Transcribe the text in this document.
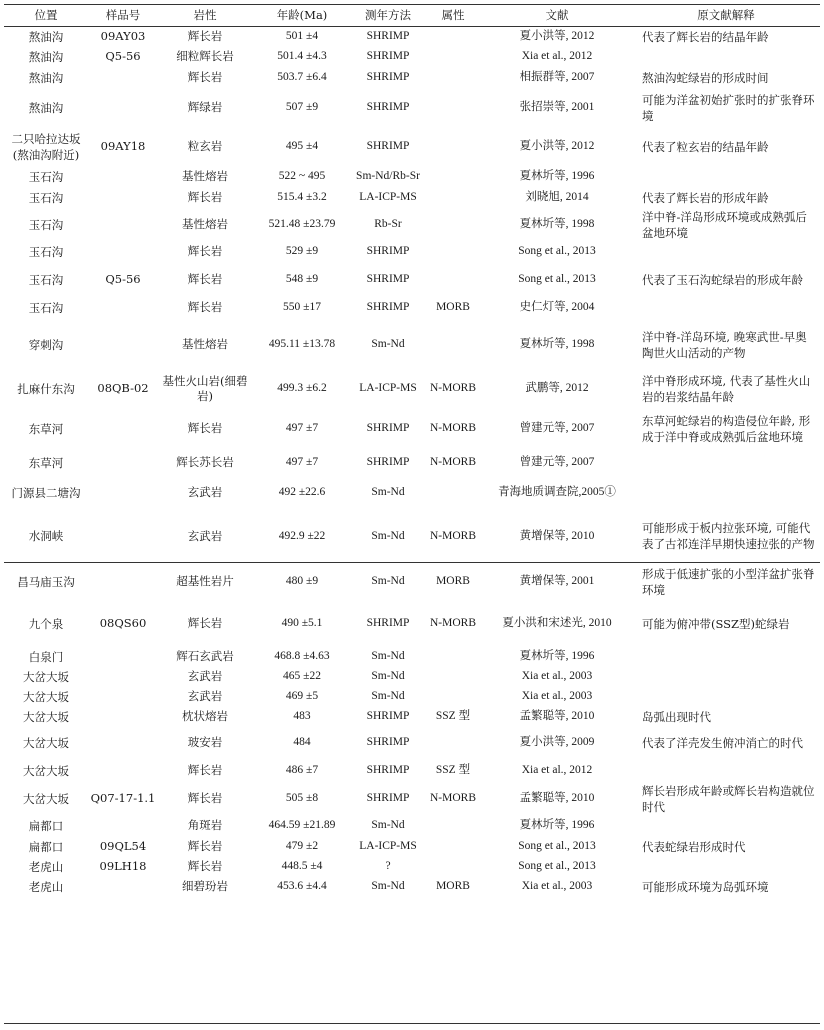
位置	样品号	岩性	年龄(Ma)	测年方法	属性	文献	原文献解释
熬油沟	09AY03	辉长岩	501 ±4	SHRIMP		夏小洪等, 2012	代表了辉长岩的结晶年龄
熬油沟	Q5-56	细粒辉长岩	501.4 ±4.3	SHRIMP		Xia et al., 2012	
熬油沟		辉长岩	503.7 ±6.4	SHRIMP		相振群等, 2007	熬油沟蛇绿岩的形成时间
熬油沟		辉绿岩	507 ±9	SHRIMP		张招崇等, 2001	可能为洋盆初始扩张时的扩张脊环境
二只哈拉达坂(熬油沟附近)	09AY18	粒玄岩	495 ±4	SHRIMP		夏小洪等, 2012	代表了粒玄岩的结晶年龄
玉石沟		基性熔岩	522 ~ 495	Sm-Nd/Rb-Sr		夏林圻等, 1996	
玉石沟		辉长岩	515.4 ±3.2	LA-ICP-MS		刘晓旭, 2014	代表了辉长岩的形成年龄
玉石沟		基性熔岩	521.48 ±23.79	Rb-Sr		夏林圻等, 1998	洋中脊-洋岛形成环境或成熟弧后盆地环境
玉石沟		辉长岩	529 ±9	SHRIMP		Song et al., 2013	
玉石沟	Q5-56	辉长岩	548 ±9	SHRIMP		Song et al., 2013	代表了玉石沟蛇绿岩的形成年龄
玉石沟		辉长岩	550 ±17	SHRIMP	MORB	史仁灯等, 2004	
穿刺沟		基性熔岩	495.11 ±13.78	Sm-Nd		夏林圻等, 1998	洋中脊-洋岛环境, 晚寒武世-早奥陶世火山活动的产物
扎麻什东沟	08QB-02	基性火山岩(细碧岩)	499.3 ±6.2	LA-ICP-MS	N-MORB	武鹏等, 2012	洋中脊形成环境, 代表了基性火山岩的岩浆结晶年龄
东草河		辉长岩	497 ±7	SHRIMP	N-MORB	曾建元等, 2007	东草河蛇绿岩的构造侵位年龄, 形成于洋中脊或成熟弧后盆地环境
东草河		辉长苏长岩	497 ±7	SHRIMP	N-MORB	曾建元等, 2007	
门源县二塘沟		玄武岩	492 ±22.6	Sm-Nd		青海地质调查院,2005①	
水洞峡		玄武岩	492.9 ±22	Sm-Nd	N-MORB	黄增保等, 2010	可能形成于板内拉张环境, 可能代表了古祁连洋早期快速拉张的产物
昌马庙玉沟		超基性岩片	480 ±9	Sm-Nd	MORB	黄增保等, 2001	形成于低速扩张的小型洋盆扩张脊环境
九个泉	08QS60	辉长岩	490 ±5.1	SHRIMP	N-MORB	夏小洪和宋述光, 2010	可能为俯冲带(SSZ型)蛇绿岩
白泉门		辉石玄武岩	468.8 ±4.63	Sm-Nd		夏林圻等, 1996	
大岔大坂		玄武岩	465 ±22	Sm-Nd		Xia et al., 2003	
大岔大坂		玄武岩	469 ±5	Sm-Nd		Xia et al., 2003	
大岔大坂		枕状熔岩	483	SHRIMP	SSZ 型	孟繁聪等, 2010	岛弧出现时代
大岔大坂		玻安岩	484	SHRIMP		夏小洪等, 2009	代表了洋壳发生俯冲消亡的时代
大岔大坂		辉长岩	486 ±7	SHRIMP	SSZ 型	Xia et al., 2012	
大岔大坂	Q07-17-1.1	辉长岩	505 ±8	SHRIMP	N-MORB	孟繁聪等, 2010	辉长岩形成年龄或辉长岩构造就位时代
扁都口		角斑岩	464.59 ±21.89	Sm-Nd		夏林圻等, 1996	
扁都口	09QL54	辉长岩	479 ±2	LA-ICP-MS		Song et al., 2013	代表蛇绿岩形成时代
老虎山	09LH18	辉长岩	448.5 ±4	?		Song et al., 2013	
老虎山		细碧玢岩	453.6 ±4.4	Sm-Nd	MORB	Xia et al., 2003	可能形成环境为岛弧环境
